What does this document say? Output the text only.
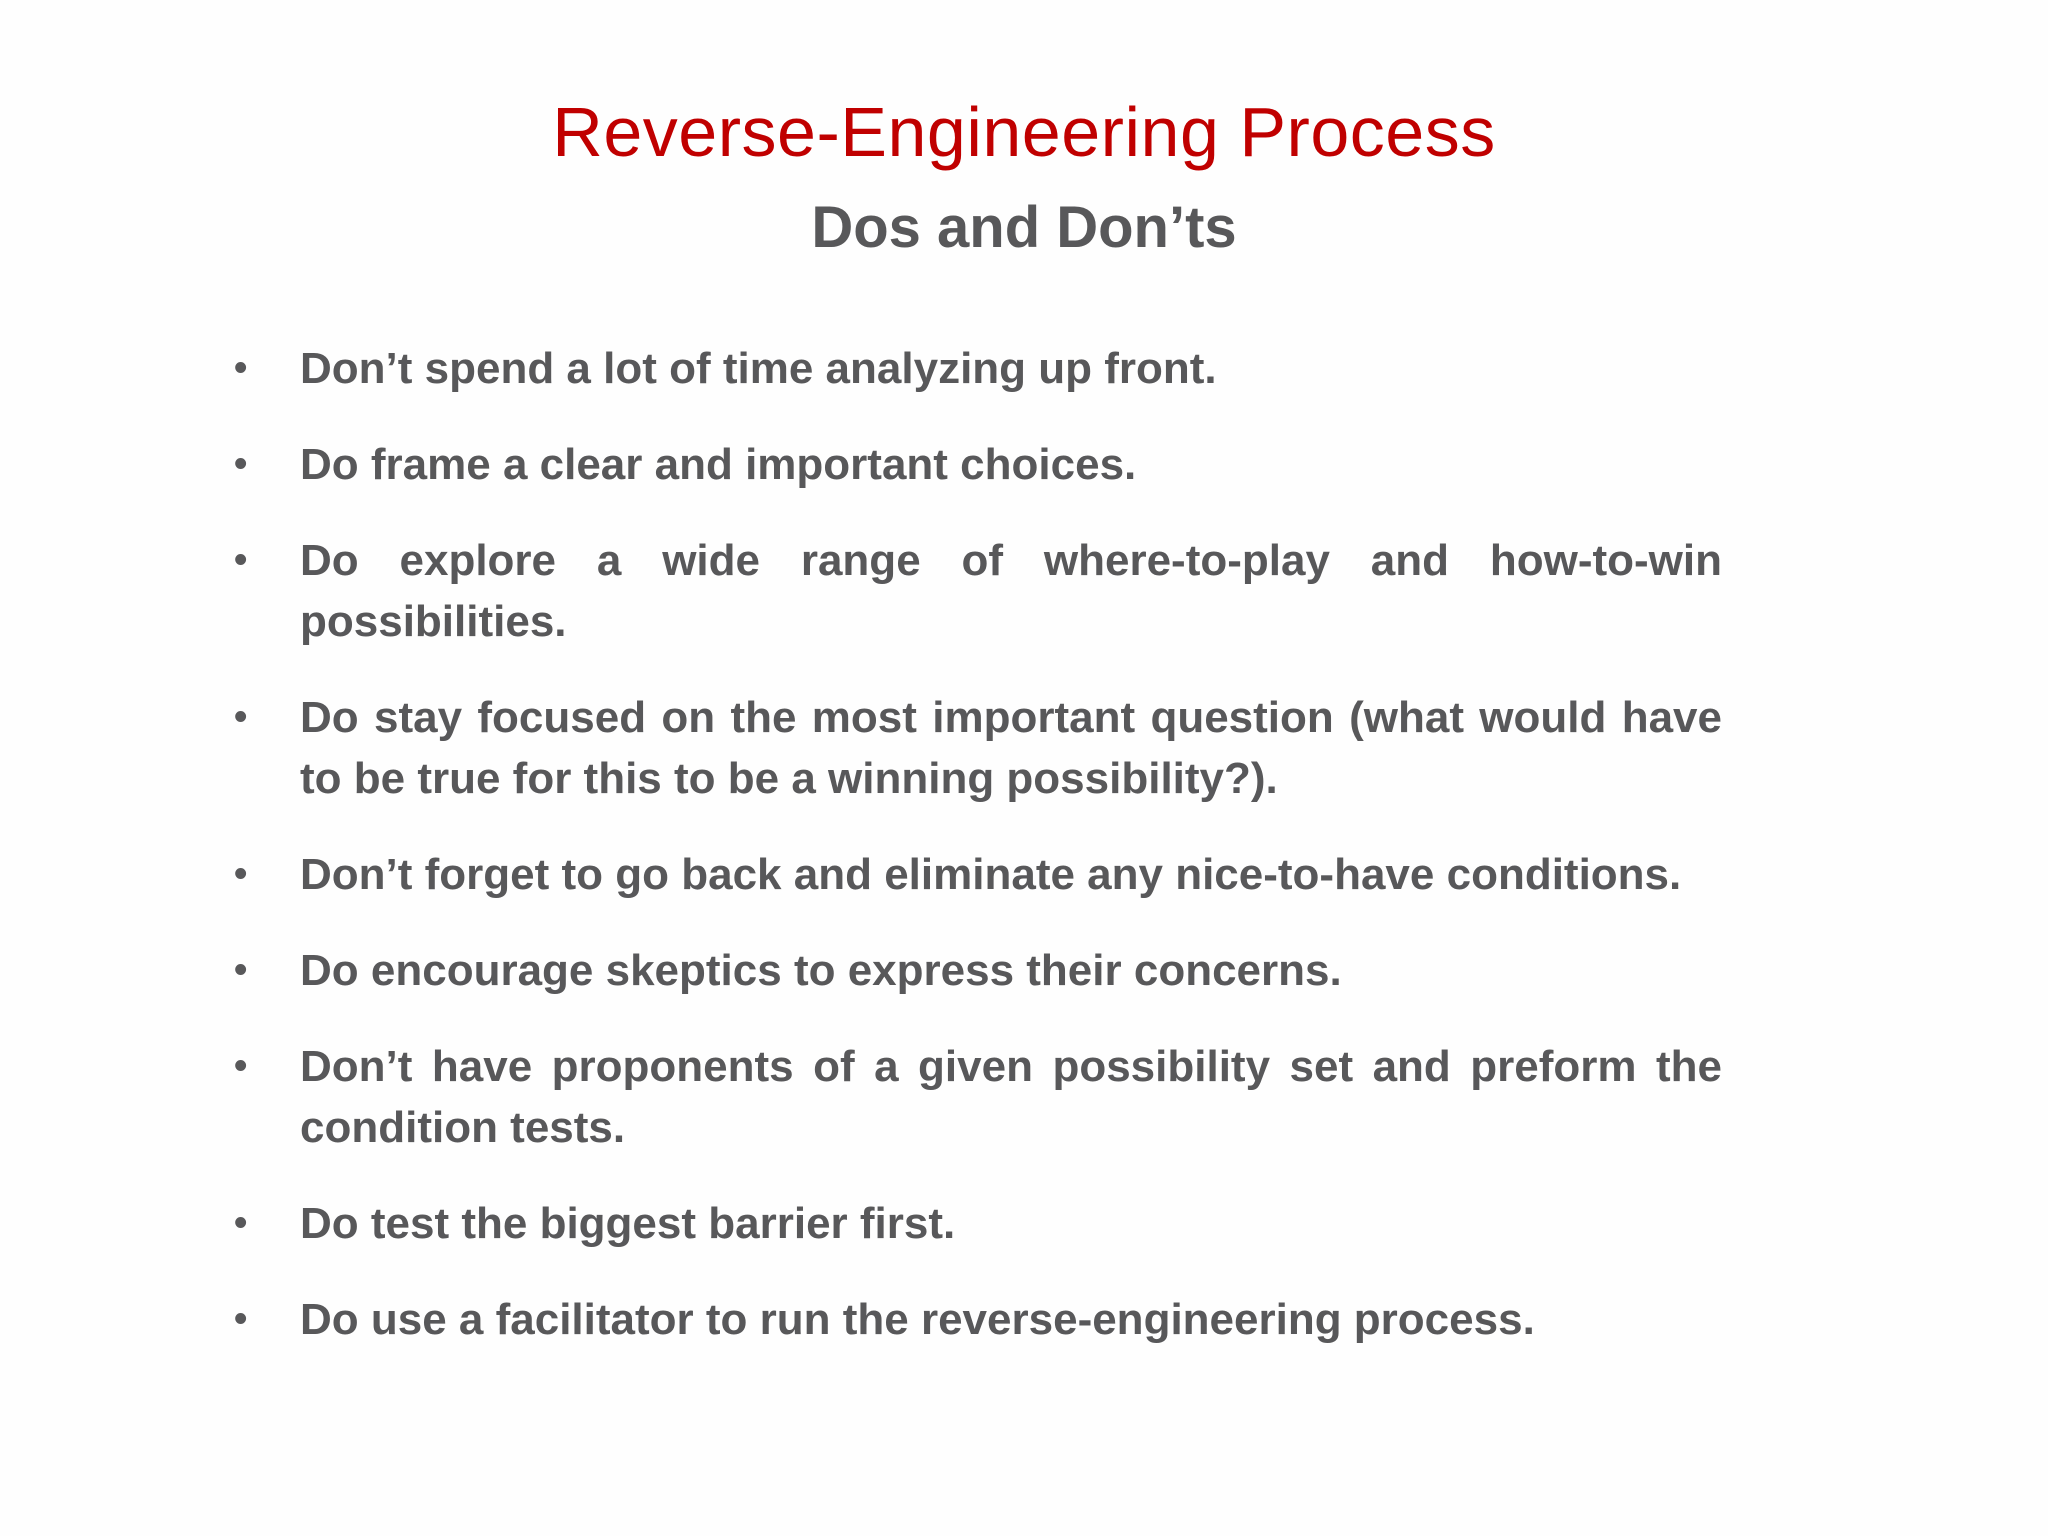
Reverse-Engineering Process
Dos and Don’ts
• Don’t spend a lot of time analyzing up front.
• Do frame a clear and important choices.
• Do explore a wide range of where-to-play and how-to-win possibilities.
• Do stay focused on the most important question (what would have to be true for this to be a winning possibility?).
• Don’t forget to go back and eliminate any nice-to-have conditions.
• Do encourage skeptics to express their concerns.
• Don’t have proponents of a given possibility set and preform the condition tests.
• Do test the biggest barrier first.
• Do use a facilitator to run the reverse-engineering process.
